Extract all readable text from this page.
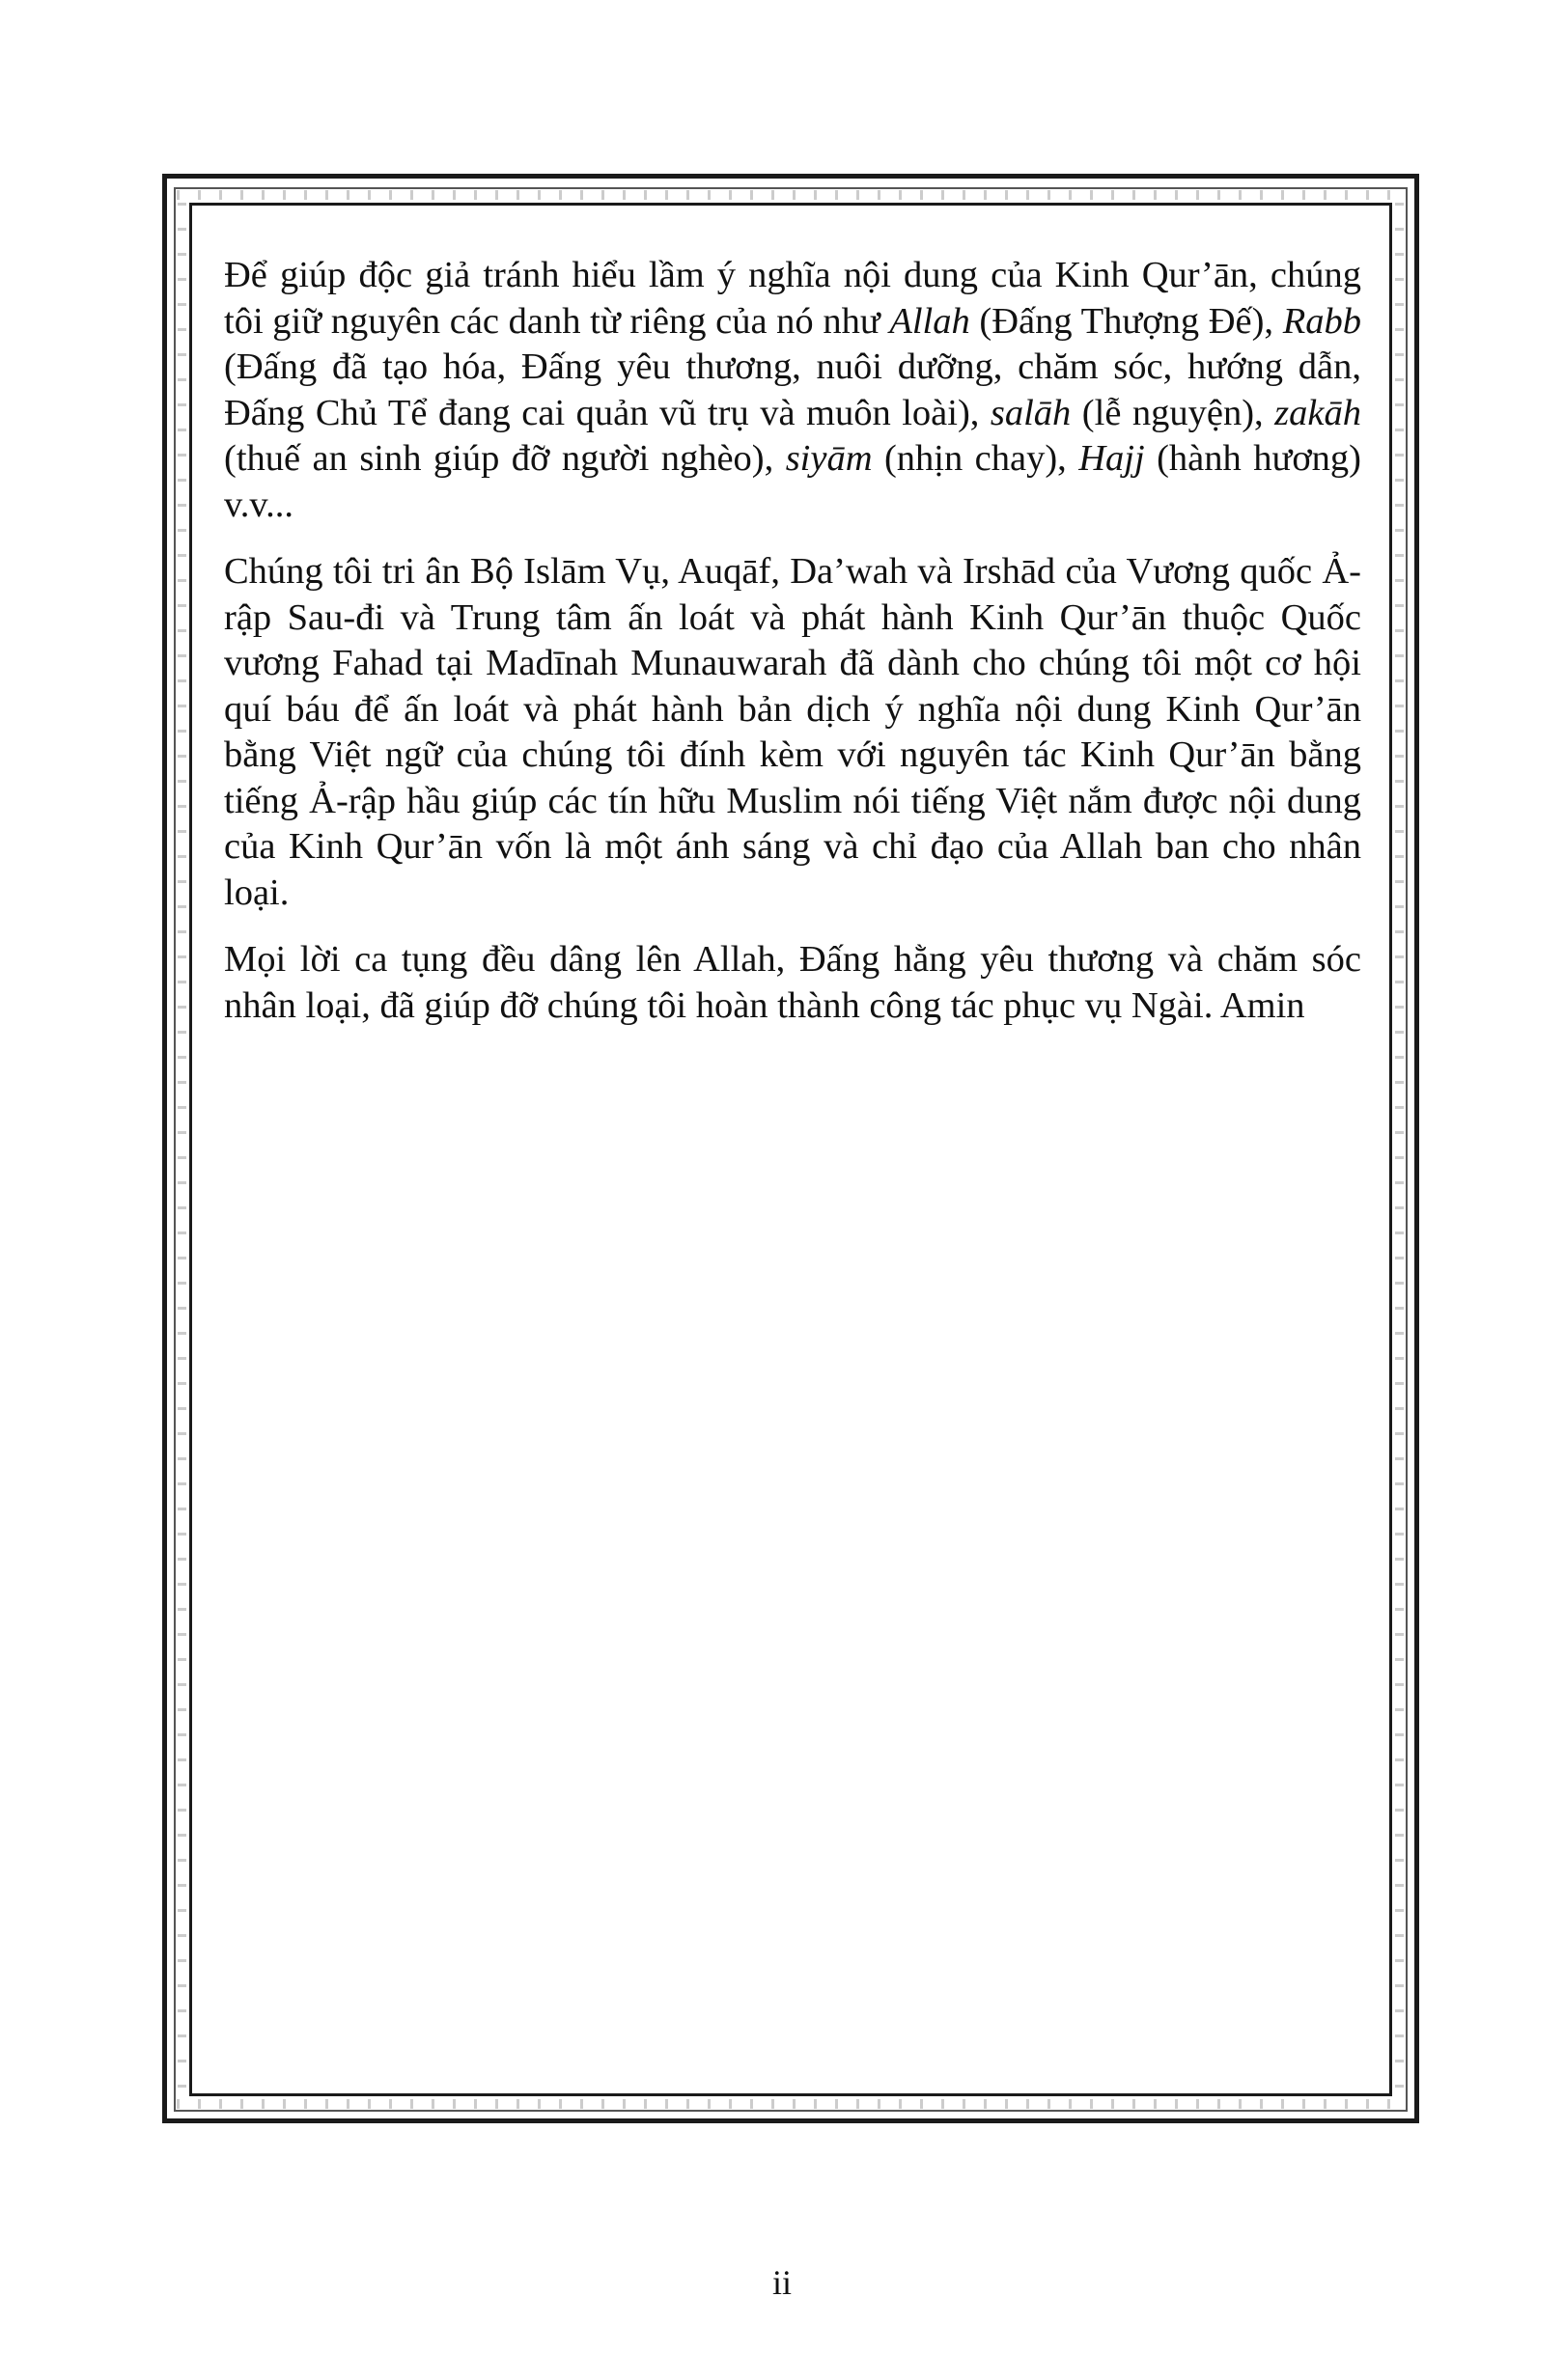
Để giúp độc giả tránh hiểu lầm ý nghĩa nội dung của Kinh Qur’ān, chúng tôi giữ nguyên các danh từ riêng của nó như Allah (Đấng Thượng Đế), Rabb (Đấng đã tạo hóa, Đấng yêu thương, nuôi dưỡng, chăm sóc, hướng dẫn, Đấng Chủ Tể đang cai quản vũ trụ và muôn loài), salāh (lễ nguyện), zakāh (thuế an sinh giúp đỡ người nghèo), siyām (nhịn chay), Hajj (hành hương) v.v...

Chúng tôi tri ân Bộ Islām Vụ, Auqāf, Da’wah và Irshād của Vương quốc Ả-rập Sau-đi và Trung tâm ấn loát và phát hành Kinh Qur’ān thuộc Quốc vương Fahad tại Madīnah Munauwarah đã dành cho chúng tôi một cơ hội quí báu để ấn loát và phát hành bản dịch ý nghĩa nội dung Kinh Qur’ān bằng Việt ngữ của chúng tôi đính kèm với nguyên tác Kinh Qur’ān bằng tiếng Ả-rập hầu giúp các tín hữu Muslim nói tiếng Việt nắm được nội dung của Kinh Qur’ān vốn là một ánh sáng và chỉ đạo của Allah ban cho nhân loại.

Mọi lời ca tụng đều dâng lên Allah, Đấng hằng yêu thương và chăm sóc nhân loại, đã giúp đỡ chúng tôi hoàn thành công tác phục vụ Ngài. Amin

ii
